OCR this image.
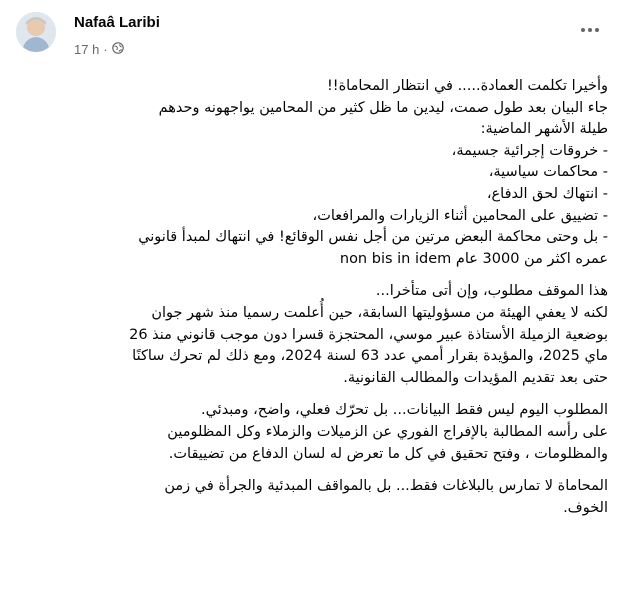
Nafaâ Laribi
17 h ·

وأخيرا تكلمت العمادة..... في انتظار المحاماة!!

جاء البيان بعد طول صمت، ليدين ما ظل كثير من المحامين يواجهونه وحدهم

طيلة الأشهر الماضية:

- خروقات إجرائية جسيمة،

- محاكمات سياسية،

- انتهاك لحق الدفاع،

- تضييق على المحامين أثناء الزيارات والمرافعات،

- بل وحتى محاكمة البعض مرتين من أجل نفس الوقائع! في انتهاك لمبدأ قانوني

عمره اكثر من 3000 عام non bis in idem

هذا الموقف مطلوب، وإن أتى متأخرا...

لكنه لا يعفي الهيئة من مسؤوليتها السابقة، حين أُعلمت رسميا منذ شهر جوان

بوضعية الزميلة الأستاذة عبير موسي، المحتجزة قسرا دون موجب قانوني منذ 26

ماي 2025، والمؤيدة بقرار أممي عدد 63 لسنة 2024، ومع ذلك لم تحرك ساكنًا

حتى بعد تقديم المؤيدات والمطالب القانونية.

المطلوب اليوم ليس فقط البيانات... بل تحرّك فعلي، واضح، ومبدئي.

على رأسه المطالبة بالإفراج الفوري عن الزميلات والزملاء وكل المظلومين

والمظلومات ، وفتح تحقيق في كل ما تعرض له لسان الدفاع من تضييقات.

المحاماة لا تمارس بالبلاغات فقط... بل بالمواقف المبدئية والجرأة في زمن

الخوف.
